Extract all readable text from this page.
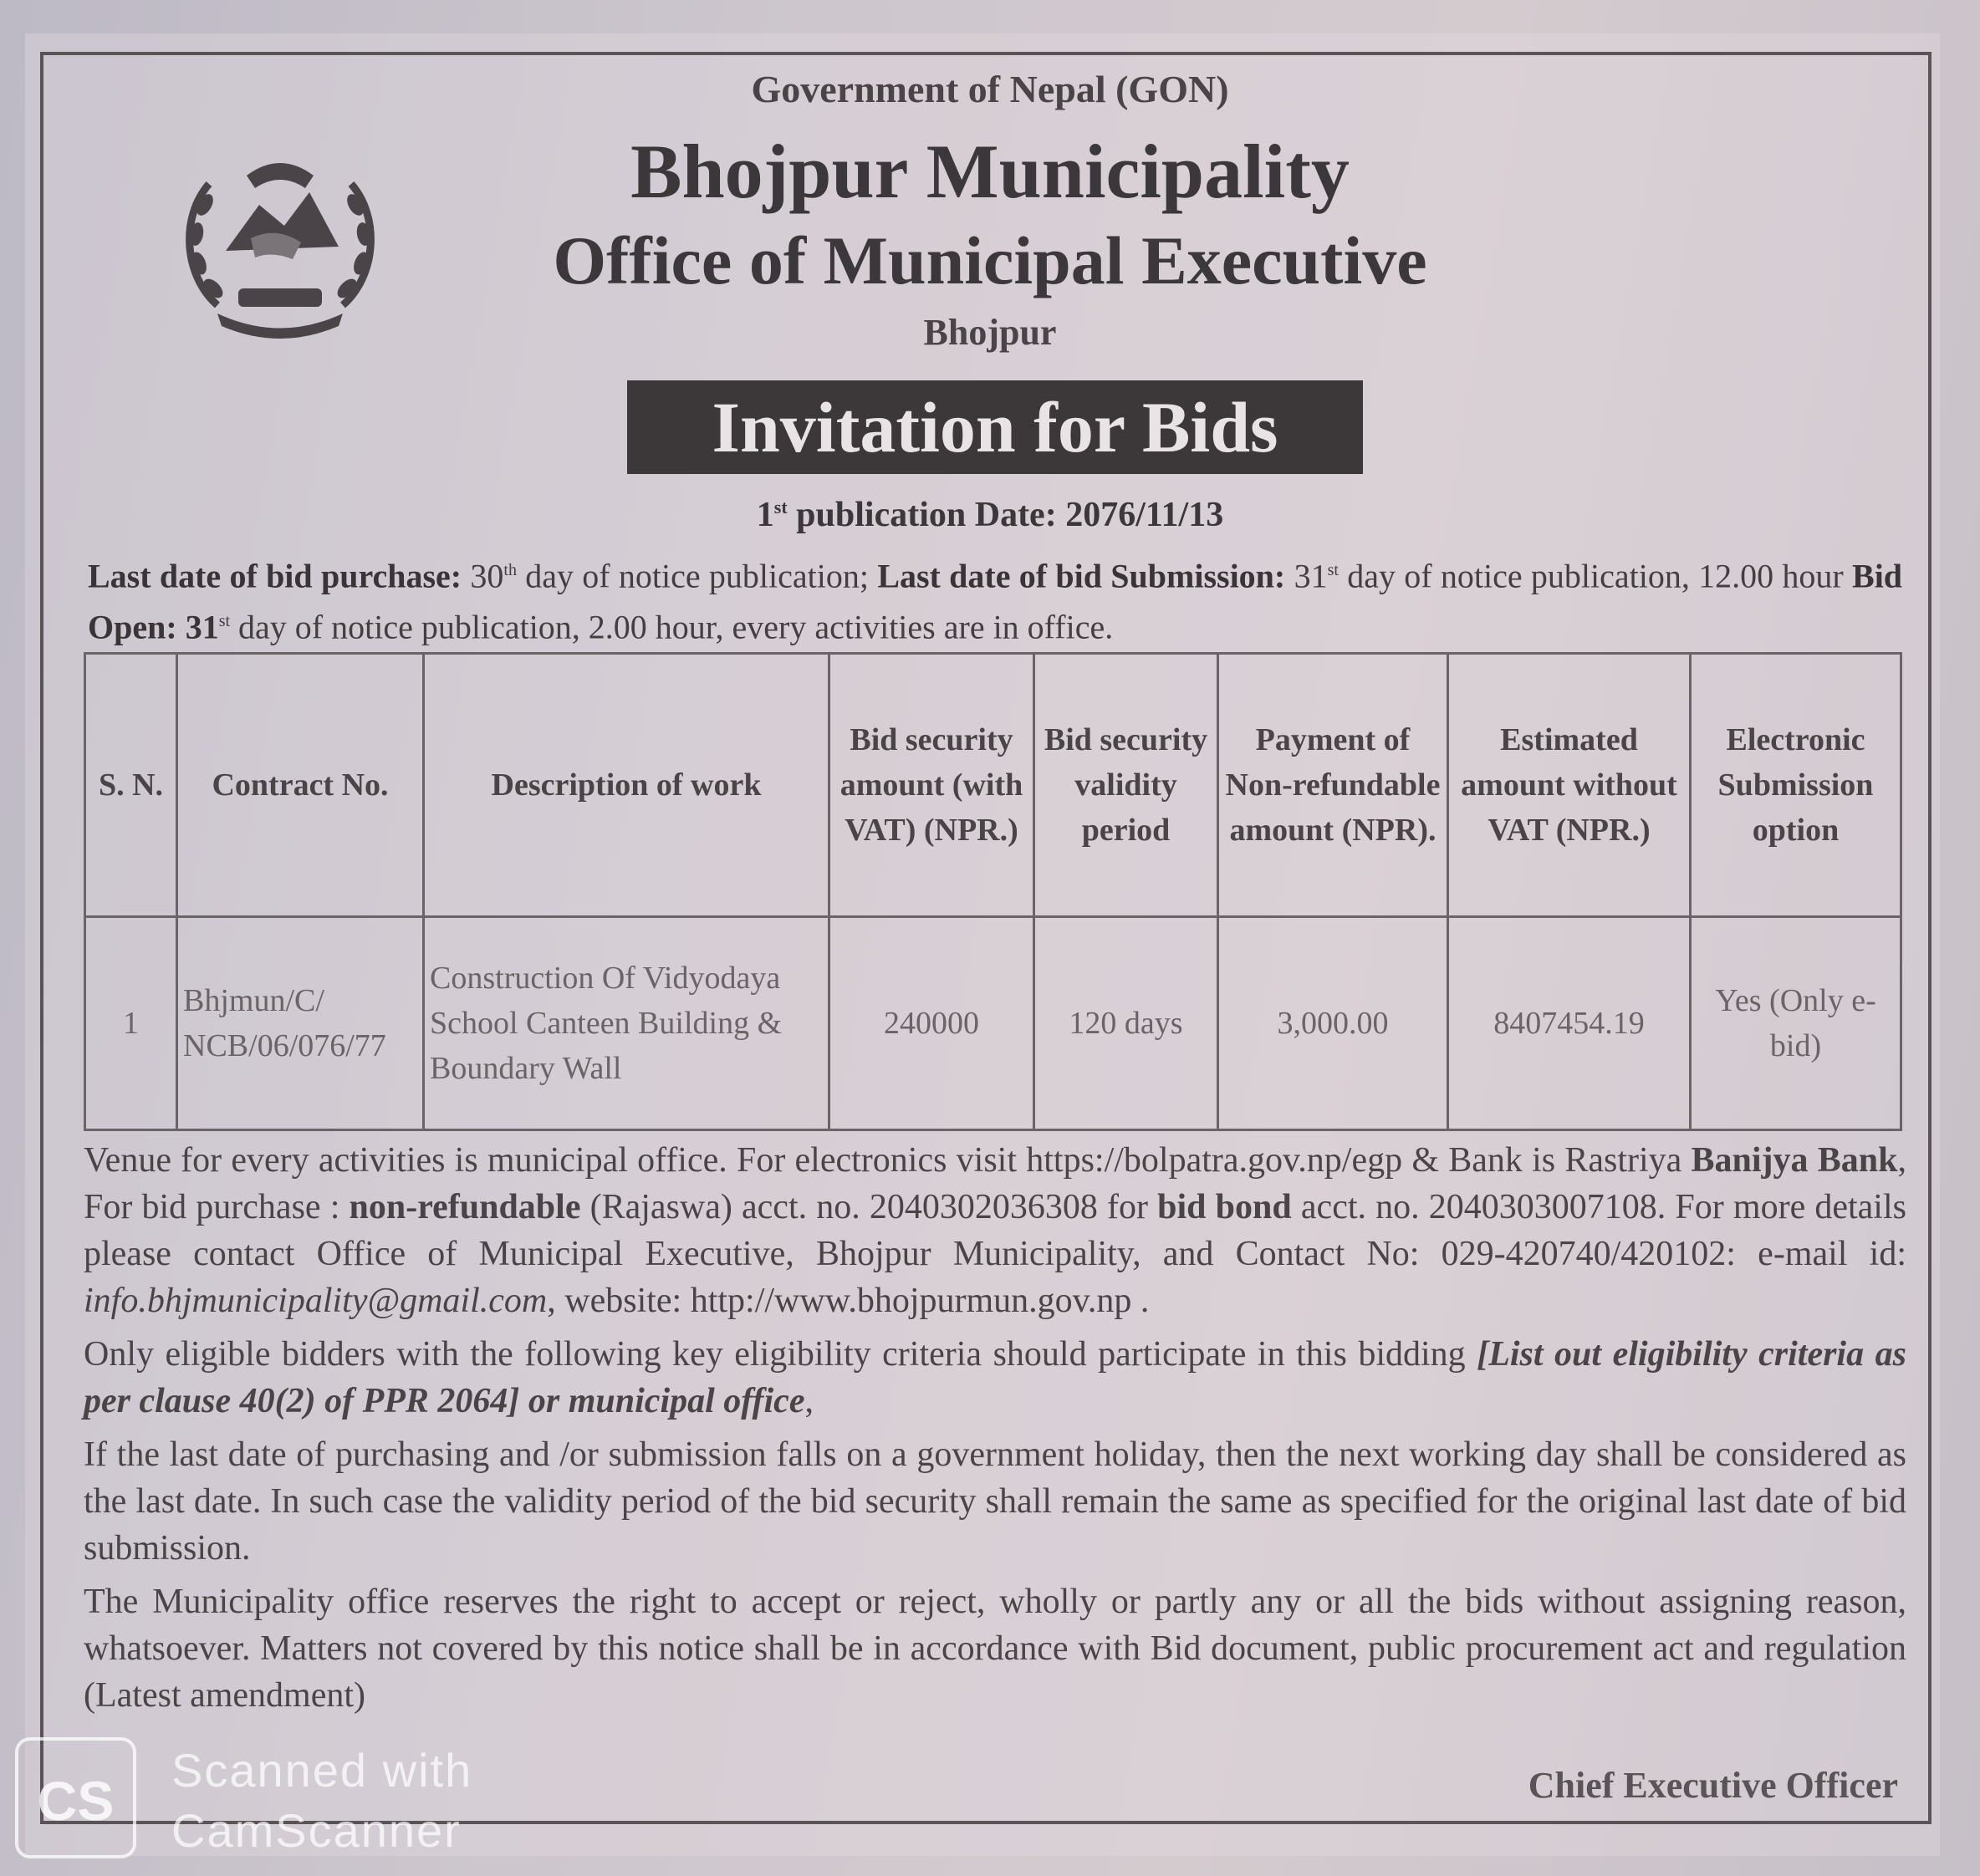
Government of Nepal (GON)
Bhojpur Municipality
Office of Municipal Executive
Bhojpur
Invitation for Bids
1st publication Date: 2076/11/13
Last date of bid purchase: 30th day of notice publication; Last date of bid Submission: 31st day of notice publication, 12.00 hour Bid Open: 31st day of notice publication, 2.00 hour, every activities are in office.
S. N.	Contract No.	Description of work	Bid security amount (with VAT) (NPR.)	Bid security validity period	Payment of Non-refundable amount (NPR).	Estimated amount without VAT (NPR.)	Electronic Submission option
1	Bhjmun/C/ NCB/06/076/77	Construction Of Vidyodaya School Canteen Building & Boundary Wall	240000	120 days	3,000.00	8407454.19	Yes (Only e-bid)

Venue for every activities is municipal office. For electronics visit https://bolpatra.gov.np/egp & Bank is Rastriya Banijya Bank, For bid purchase : non-refundable (Rajaswa) acct. no. 2040302036308 for bid bond acct. no. 2040303007108. For more details please contact Office of Municipal Executive, Bhojpur Municipality, and Contact No: 029-420740/420102: e-mail id: info.bhjmunicipality@gmail.com, website: http://www.bhojpurmun.gov.np .

Only eligible bidders with the following key eligibility criteria should participate in this bidding [List out eligibility criteria as per clause 40(2) of PPR 2064] or municipal office,

If the last date of purchasing and /or submission falls on a government holiday, then the next working day shall be considered as the last date. In such case the validity period of the bid security shall remain the same as specified for the original last date of bid submission.

The Municipality office reserves the right to accept or reject, wholly or partly any or all the bids without assigning reason, whatsoever. Matters not covered by this notice shall be in accordance with Bid document, public procurement act and regulation (Latest amendment)

Chief Executive Officer
CS	Scanned with
CamScanner
